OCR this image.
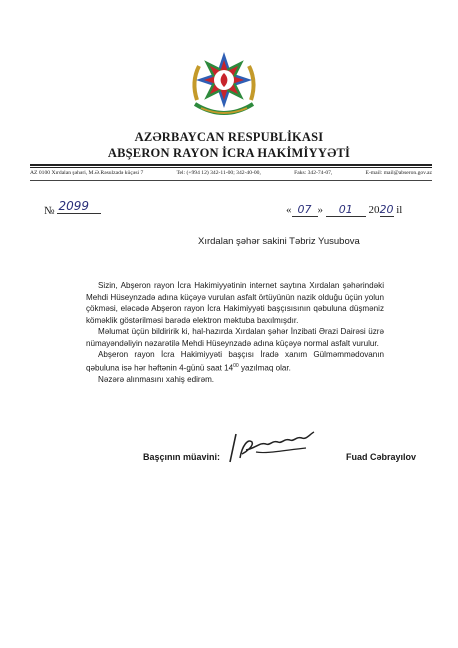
AZƏRBAYCAN RESPUBLİKASI
ABŞERON RAYON İCRA HAKİMİYYƏTİ
AZ 0100 Xırdalan şəhəri, M.Ə.Rəsulzadə küçəsi 7	Tel: (+994 12) 342-11-00; 342-40-00,	Faks: 342-74-07,	E-mail: mail@abseron.gov.az
№ 2099	« 07 » 01 2020 il
Xırdalan şəhər sakini Təbriz Yusubova

Sizin, Abşeron rayon İcra Hakimiyyətinin internet saytına Xırdalan şəhərindəki Mehdi Hüseynzadə adına küçəyə vurulan asfalt örtüyünün nazik olduğu üçün yolun çökməsi, eləcədə Abşeron rayon İcra Hakimiyyəti başçısısının qəbuluna düşməniz köməklik göstərilməsi barədə elektron məktuba baxılmışdır.

Məlumat üçün bildiririk ki, hal-hazırda Xırdalan şəhər İnzibati Ərazi Dairəsi üzrə nümayəndəliyin nəzarətilə Mehdi Hüseynzadə adına küçəyə normal asfalt vurulur.

Abşeron rayon İcra Hakimiyyəti başçısı İradə xanım Gülməmmədovanın qəbuluna isə hər həftənin 4-günü saat $14^{00}$ yazılmaq olar.

Nəzərə alınmasını xahiş edirəm.

Başçının müavini:	Fuad Cəbrayılov
